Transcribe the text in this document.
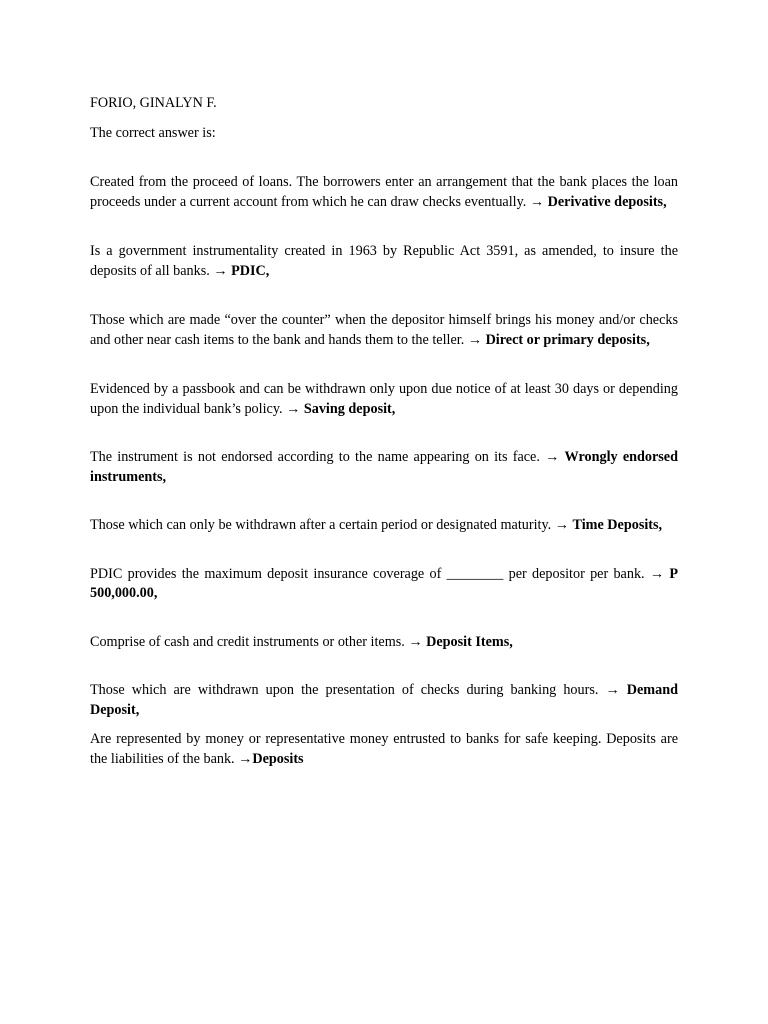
FORIO, GINALYN F.

The correct answer is:

Created from the proceed of loans. The borrowers enter an arrangement that the bank places the loan proceeds under a current account from which he can draw checks eventually. → Derivative deposits,

Is a government instrumentality created in 1963 by Republic Act 3591, as amended, to insure the deposits of all banks. → PDIC,

Those which are made “over the counter” when the depositor himself brings his money and/or checks and other near cash items to the bank and hands them to the teller. → Direct or primary deposits,

Evidenced by a passbook and can be withdrawn only upon due notice of at least 30 days or depending upon the individual bank’s policy. → Saving deposit,

The instrument is not endorsed according to the name appearing on its face. → Wrongly endorsed instruments,

Those which can only be withdrawn after a certain period or designated maturity. → Time Deposits,

PDIC provides the maximum deposit insurance coverage of ________ per depositor per bank. → P 500,000.00,

Comprise of cash and credit instruments or other items. → Deposit Items,

Those which are withdrawn upon the presentation of checks during banking hours. → Demand Deposit,

Are represented by money or representative money entrusted to banks for safe keeping. Deposits are the liabilities of the bank. →Deposits
